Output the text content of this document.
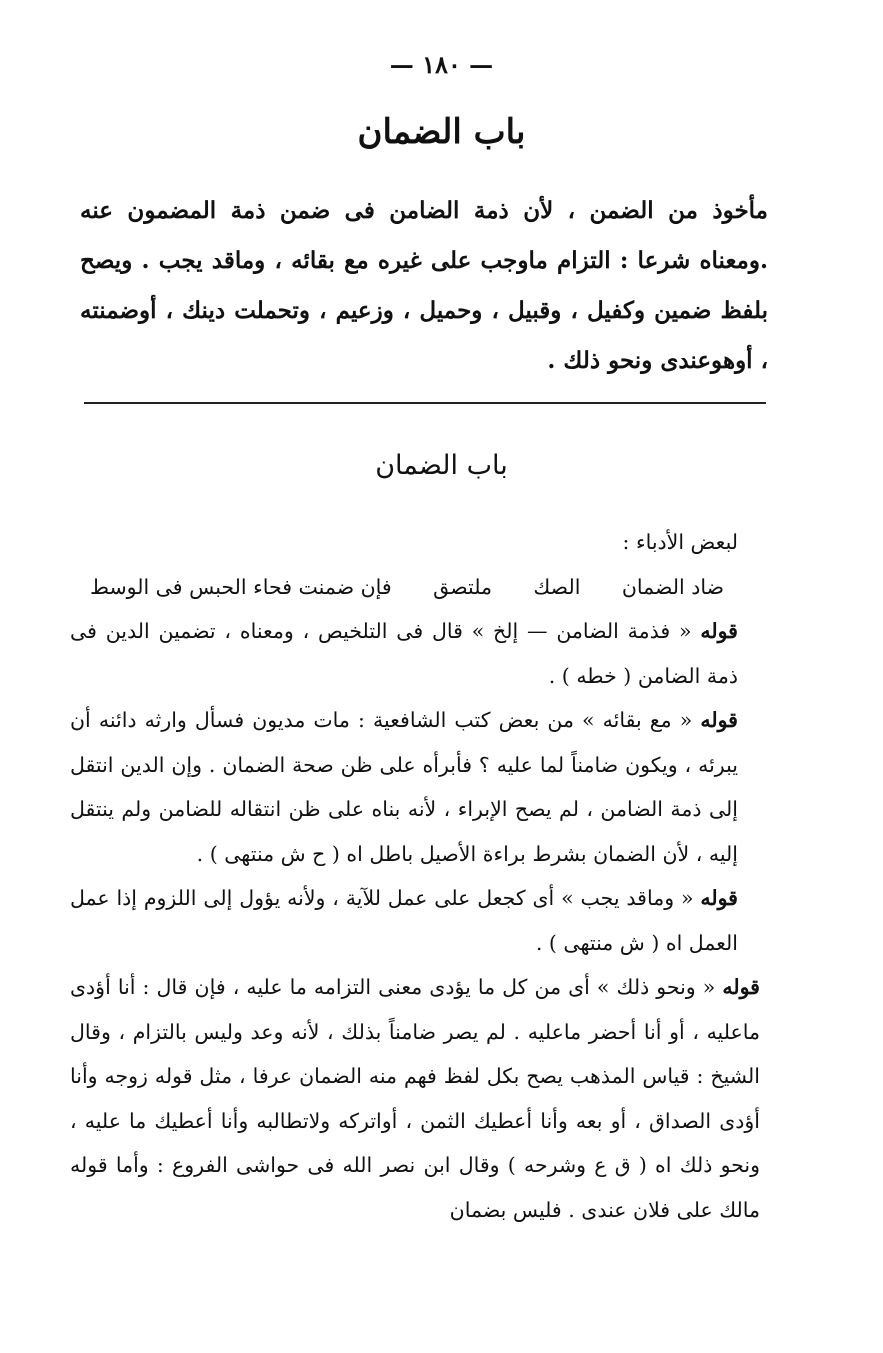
— ١٨٠ —
باب الضمان
مأخوذ من الضمن ، لأن ذمة الضامن فى ضمن ذمة المضمون عنه .ومعناه شرعا : التزام ماوجب على غيره مع بقائه ، وماقد يجب . ويصح بلفظ ضمين وكفيل ، وقبيل ، وحميل ، وزعيم ، وتحملت دينك ، أوضمنته ، أوهوعندى ونحو ذلك .
باب الضمان

لبعض الأدباء :

ضاد الضمان
الصك
ملتصق
فإن ضمنت فحاء الحبس فى الوسط

قوله « فذمة الضامن — إلخ » قال فى التلخيص ، ومعناه ، تضمين الدين فى ذمة الضامن ( خطه ) .

قوله « مع بقائه » من بعض كتب الشافعية : مات مديون فسأل وارثه دائنه أن يبرئه ، ويكون ضامناً لما عليه ؟ فأبرأه على ظن صحة الضمان . وإن الدين انتقل إلى ذمة الضامن ، لم يصح الإبراء ، لأنه بناه على ظن انتقاله للضامن ولم ينتقل إليه ، لأن الضمان بشرط براءة الأصيل باطل اه ( ح ش منتهى ) .

قوله « وماقد يجب » أى كجعل على عمل للآية ، ولأنه يؤول إلى اللزوم إذا عمل العمل اه ( ش منتهى ) .

قوله « ونحو ذلك » أى من كل ما يؤدى معنى التزامه ما عليه ، فإن قال : أنا أؤدى ماعليه ، أو أنا أحضر ماعليه . لم يصر ضامناً بذلك ، لأنه وعد وليس بالتزام ، وقال الشيخ : قياس المذهب يصح بكل لفظ فهم منه الضمان عرفا ، مثل قوله زوجه وأنا أؤدى الصداق ، أو بعه وأنا أعطيك الثمن ، أواتركه ولاتطالبه وأنا أعطيك ما عليه ، ونحو ذلك اه ( ق ع وشرحه ) وقال ابن نصر الله فى حواشى الفروع : وأما قوله مالك على فلان عندى . فليس بضمان
